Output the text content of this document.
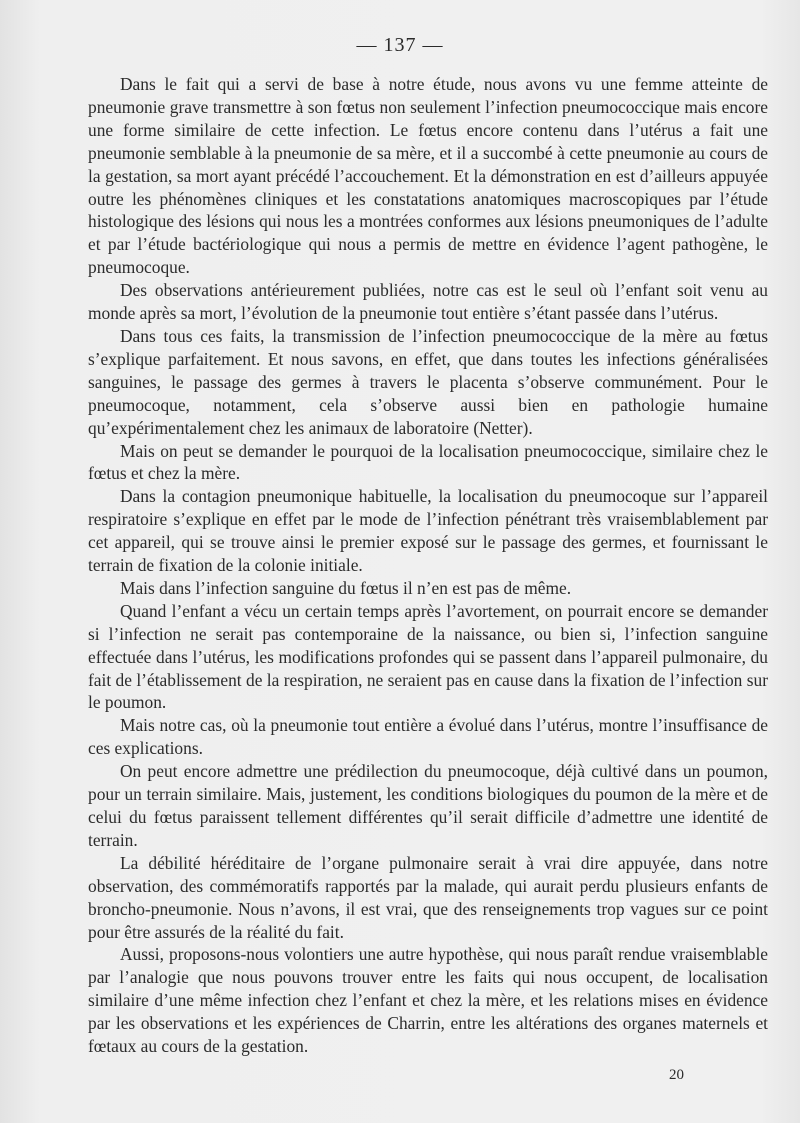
— 137 —

Dans le fait qui a servi de base à notre étude, nous avons vu une femme atteinte de pneumonie grave transmettre à son fœtus non seulement l’infection pneumococcique mais encore une forme similaire de cette infection. Le fœtus encore contenu dans l’utérus a fait une pneumonie semblable à la pneumonie de sa mère, et il a succombé à cette pneumonie au cours de la gestation, sa mort ayant précédé l’accouchement. Et la démonstration en est d’ailleurs appuyée outre les phénomènes cliniques et les constatations anatomiques macroscopiques par l’étude histologique des lésions qui nous les a montrées conformes aux lésions pneumoniques de l’adulte et par l’étude bactériologique qui nous a permis de mettre en évidence l’agent pathogène, le pneumocoque.

Des observations antérieurement publiées, notre cas est le seul où l’enfant soit venu au monde après sa mort, l’évolution de la pneumonie tout entière s’étant passée dans l’utérus.

Dans tous ces faits, la transmission de l’infection pneumococcique de la mère au fœtus s’explique parfaitement. Et nous savons, en effet, que dans toutes les infections généralisées sanguines, le passage des germes à travers le placenta s’observe communément. Pour le pneumocoque, notamment, cela s’observe aussi bien en pathologie humaine qu’expérimentalement chez les animaux de laboratoire (Netter).

Mais on peut se demander le pourquoi de la localisation pneumococcique, similaire chez le fœtus et chez la mère.

Dans la contagion pneumonique habituelle, la localisation du pneumocoque sur l’appareil respiratoire s’explique en effet par le mode de l’infection pénétrant très vraisemblablement par cet appareil, qui se trouve ainsi le premier exposé sur le passage des germes, et fournissant le terrain de fixation de la colonie initiale.

Mais dans l’infection sanguine du fœtus il n’en est pas de même.

Quand l’enfant a vécu un certain temps après l’avortement, on pourrait encore se demander si l’infection ne serait pas contemporaine de la naissance, ou bien si, l’infection sanguine effectuée dans l’utérus, les modifications profondes qui se passent dans l’appareil pulmonaire, du fait de l’établissement de la respiration, ne seraient pas en cause dans la fixation de l’infection sur le poumon.

Mais notre cas, où la pneumonie tout entière a évolué dans l’utérus, montre l’insuffisance de ces explications.

On peut encore admettre une prédilection du pneumocoque, déjà cultivé dans un poumon, pour un terrain similaire. Mais, justement, les conditions biologiques du poumon de la mère et de celui du fœtus paraissent tellement différentes qu’il serait difficile d’admettre une identité de terrain.

La débilité héréditaire de l’organe pulmonaire serait à vrai dire appuyée, dans notre observation, des commémoratifs rapportés par la malade, qui aurait perdu plusieurs enfants de broncho-pneumonie. Nous n’avons, il est vrai, que des renseignements trop vagues sur ce point pour être assurés de la réalité du fait.

Aussi, proposons-nous volontiers une autre hypothèse, qui nous paraît rendue vraisemblable par l’analogie que nous pouvons trouver entre les faits qui nous occupent, de localisation similaire d’une même infection chez l’enfant et chez la mère, et les relations mises en évidence par les observations et les expériences de Charrin, entre les altérations des organes maternels et fœtaux au cours de la gestation.

20
